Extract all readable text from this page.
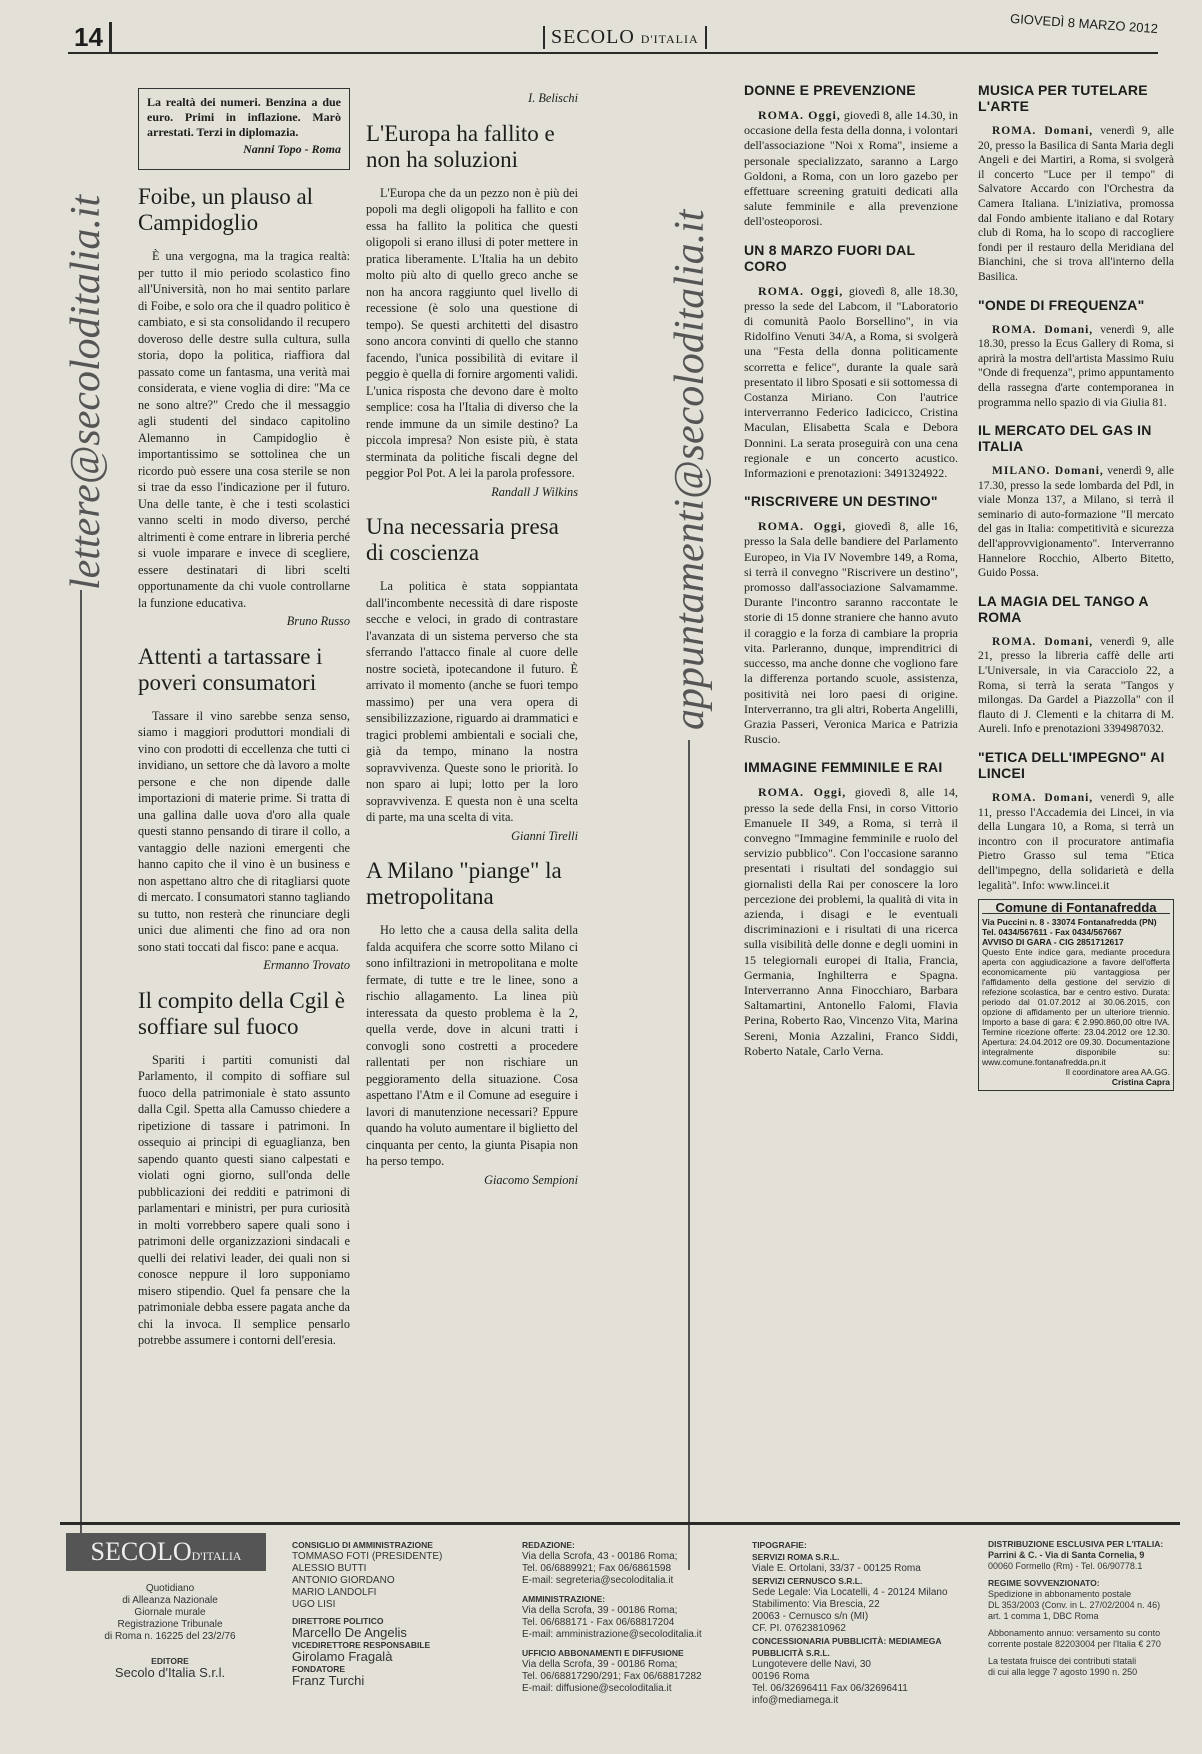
14	SECOLO D'ITALIA
GIOVEDÌ 8 MARZO 2012
lettere@secoloditalia.it	appuntamenti@secoloditalia.it
La realtà dei numeri. Benzina a due euro. Primi in inflazione. Marò arrestati. Terzi in diplomazia.
Nanni Topo - Roma
Foibe, un plauso al Campidoglio

È una vergogna, ma la tragica realtà: per tutto il mio periodo scolastico fino all'Università, non ho mai sentito parlare di Foibe, e solo ora che il quadro politico è cambiato, e si sta consolidando il recupero doveroso delle destre sulla cultura, sulla storia, dopo la politica, riaffiora dal passato come un fantasma, una verità mai considerata, e viene voglia di dire: "Ma ce ne sono altre?" Credo che il messaggio agli studenti del sindaco capitolino Alemanno in Campidoglio è importantissimo se sottolinea che un ricordo può essere una cosa sterile se non si trae da esso l'indicazione per il futuro. Una delle tante, è che i testi scolastici vanno scelti in modo diverso, perché altrimenti è come entrare in libreria perché si vuole imparare e invece di scegliere, essere destinatari di libri scelti opportunamente da chi vuole controllarne la funzione educativa.

Bruno Russo
Attenti a tartassare i poveri consumatori

Tassare il vino sarebbe senza senso, siamo i maggiori produttori mondiali di vino con prodotti di eccellenza che tutti ci invidiano, un settore che dà lavoro a molte persone e che non dipende dalle importazioni di materie prime. Si tratta di una gallina dalle uova d'oro alla quale questi stanno pensando di tirare il collo, a vantaggio delle nazioni emergenti che hanno capito che il vino è un business e non aspettano altro che di ritagliarsi quote di mercato. I consumatori stanno tagliando su tutto, non resterà che rinunciare degli unici due alimenti che fino ad ora non sono stati toccati dal fisco: pane e acqua.

Ermanno Trovato
Il compito della Cgil è soffiare sul fuoco

Spariti i partiti comunisti dal Parlamento, il compito di soffiare sul fuoco della patrimoniale è stato assunto dalla Cgil. Spetta alla Camusso chiedere a ripetizione di tassare i patrimoni. In ossequio ai principi di eguaglianza, ben sapendo quanto questi siano calpestati e violati ogni giorno, sull'onda delle pubblicazioni dei redditi e patrimoni di parlamentari e ministri, per pura curiosità in molti vorrebbero sapere quali sono i patrimoni delle organizzazioni sindacali e quelli dei relativi leader, dei quali non si conosce neppure il loro supponiamo misero stipendio. Quel fa pensare che la patrimoniale debba essere pagata anche da chi la invoca. Il semplice pensarlo potrebbe assumere i contorni dell'eresia.

I. Belischi
L'Europa ha fallito e non ha soluzioni

L'Europa che da un pezzo non è più dei popoli ma degli oligopoli ha fallito e con essa ha fallito la politica che questi oligopoli si erano illusi di poter mettere in pratica liberamente. L'Italia ha un debito molto più alto di quello greco anche se non ha ancora raggiunto quel livello di recessione (è solo una questione di tempo). Se questi architetti del disastro sono ancora convinti di quello che stanno facendo, l'unica possibilità di evitare il peggio è quella di fornire argomenti validi. L'unica risposta che devono dare è molto semplice: cosa ha l'Italia di diverso che la rende immune da un simile destino? La piccola impresa? Non esiste più, è stata sterminata da politiche fiscali degne del peggior Pol Pot. A lei la parola professore.

Randall J Wilkins
Una necessaria presa di coscienza

La politica è stata soppiantata dall'incombente necessità di dare risposte secche e veloci, in grado di contrastare l'avanzata di un sistema perverso che sta sferrando l'attacco finale al cuore delle nostre società, ipotecandone il futuro. È arrivato il momento (anche se fuori tempo massimo) per una vera opera di sensibilizzazione, riguardo ai drammatici e tragici problemi ambientali e sociali che, già da tempo, minano la nostra sopravvivenza. Queste sono le priorità. Io non sparo ai lupi; lotto per la loro sopravvivenza. E questa non è una scelta di parte, ma una scelta di vita.

Gianni Tirelli
A Milano "piange" la metropolitana

Ho letto che a causa della salita della falda acquifera che scorre sotto Milano ci sono infiltrazioni in metropolitana e molte fermate, di tutte e tre le linee, sono a rischio allagamento. La linea più interessata da questo problema è la 2, quella verde, dove in alcuni tratti i convogli sono costretti a procedere rallentati per non rischiare un peggioramento della situazione. Cosa aspettano l'Atm e il Comune ad eseguire i lavori di manutenzione necessari? Eppure quando ha voluto aumentare il biglietto del cinquanta per cento, la giunta Pisapia non ha perso tempo.

Giacomo Sempioni
DONNE E PREVENZIONE

ROMA. Oggi, giovedì 8, alle 14.30, in occasione della festa della donna, i volontari dell'associazione "Noi x Roma", insieme a personale specializzato, saranno a Largo Goldoni, a Roma, con un loro gazebo per effettuare screening gratuiti dedicati alla salute femminile e alla prevenzione dell'osteoporosi.

UN 8 MARZO FUORI DAL CORO

ROMA. Oggi, giovedì 8, alle 18.30, presso la sede del Labcom, il "Laboratorio di comunità Paolo Borsellino", in via Ridolfino Venuti 34/A, a Roma, si svolgerà una "Festa della donna politicamente scorretta e felice", durante la quale sarà presentato il libro Sposati e sii sottomessa di Costanza Miriano. Con l'autrice interverranno Federico Iadicicco, Cristina Maculan, Elisabetta Scala e Debora Donnini. La serata proseguirà con una cena regionale e un concerto acustico. Informazioni e prenotazioni: 3491324922.

"RISCRIVERE UN DESTINO"

ROMA. Oggi, giovedì 8, alle 16, presso la Sala delle bandiere del Parlamento Europeo, in Via IV Novembre 149, a Roma, si terrà il convegno "Riscrivere un destino", promosso dall'associazione Salvamamme. Durante l'incontro saranno raccontate le storie di 15 donne straniere che hanno avuto il coraggio e la forza di cambiare la propria vita. Parleranno, dunque, imprenditrici di successo, ma anche donne che vogliono fare la differenza portando scuole, assistenza, positività nei loro paesi di origine. Interverranno, tra gli altri, Roberta Angelilli, Grazia Passeri, Veronica Marica e Patrizia Ruscio.

IMMAGINE FEMMINILE E RAI

ROMA. Oggi, giovedì 8, alle 14, presso la sede della Fnsi, in corso Vittorio Emanuele II 349, a Roma, si terrà il convegno "Immagine femminile e ruolo del servizio pubblico". Con l'occasione saranno presentati i risultati del sondaggio sui giornalisti della Rai per conoscere la loro percezione dei problemi, la qualità di vita in azienda, i disagi e le eventuali discriminazioni e i risultati di una ricerca sulla visibilità delle donne e degli uomini in 15 telegiornali europei di Italia, Francia, Germania, Inghilterra e Spagna. Interverranno Anna Finocchiaro, Barbara Saltamartini, Antonello Falomi, Flavia Perina, Roberto Rao, Vincenzo Vita, Marina Sereni, Monia Azzalini, Franco Siddi, Roberto Natale, Carlo Verna.

MUSICA PER TUTELARE L'ARTE

ROMA. Domani, venerdì 9, alle 20, presso la Basilica di Santa Maria degli Angeli e dei Martiri, a Roma, si svolgerà il concerto "Luce per il tempo" di Salvatore Accardo con l'Orchestra da Camera Italiana. L'iniziativa, promossa dal Fondo ambiente italiano e dal Rotary club di Roma, ha lo scopo di raccogliere fondi per il restauro della Meridiana del Bianchini, che si trova all'interno della Basilica.

"ONDE DI FREQUENZA"

ROMA. Domani, venerdì 9, alle 18.30, presso la Ecus Gallery di Roma, si aprirà la mostra dell'artista Massimo Ruiu "Onde di frequenza", primo appuntamento della rassegna d'arte contemporanea in programma nello spazio di via Giulia 81.

IL MERCATO DEL GAS IN ITALIA

MILANO. Domani, venerdì 9, alle 17.30, presso la sede lombarda del Pdl, in viale Monza 137, a Milano, si terrà il seminario di auto-formazione "Il mercato del gas in Italia: competitività e sicurezza dell'approvvigionamento". Interverranno Hannelore Rocchio, Alberto Bitetto, Guido Possa.

LA MAGIA DEL TANGO A ROMA

ROMA. Domani, venerdì 9, alle 21, presso la libreria caffè delle arti L'Universale, in via Caracciolo 22, a Roma, si terrà la serata "Tangos y milongas. Da Gardel a Piazzolla" con il flauto di J. Clementi e la chitarra di M. Aureli. Info e prenotazioni 3394987032.

"ETICA DELL'IMPEGNO" AI LINCEI

ROMA. Domani, venerdì 9, alle 11, presso l'Accademia dei Lincei, in via della Lungara 10, a Roma, si terrà un incontro con il procuratore antimafia Pietro Grasso sul tema "Etica dell'impegno, della solidarietà e della legalità". Info: www.lincei.it

Comune di Fontanafredda
Via Puccini n. 8 - 33074 Fontanafredda (PN)
Tel. 0434/567611 - Fax 0434/567667
AVVISO DI GARA - CIG 2851712617
Questo Ente indice gara, mediante procedura aperta con aggiudicazione a favore dell'offerta economicamente più vantaggiosa per l'affidamento della gestione del servizio di refezione scolastica, bar e centro estivo. Durata: periodo dal 01.07.2012 al 30.06.2015, con opzione di affidamento per un ulteriore triennio. Importo a base di gara: € 2.990.860,00 oltre IVA. Termine ricezione offerte: 23.04.2012 ore 12.30. Apertura: 24.04.2012 ore 09.30. Documentazione integralmente disponibile su: www.comune.fontanafredda.pn.it
Il coordinatore area AA.GG.
Cristina Capra
SECOLOD'ITALIA
Quotidiano
di Alleanza Nazionale
Giornale murale
Registrazione Tribunale
di Roma n. 16225 del 23/2/76
EDITORE
Secolo d'Italia S.r.l.
CONSIGLIO DI AMMINISTRAZIONE
TOMMASO FOTI (PRESIDENTE)
ALESSIO BUTTI
ANTONIO GIORDANO
MARIO LANDOLFI
UGO LISI
DIRETTORE POLITICO
Marcello De Angelis
VICEDIRETTORE RESPONSABILE
Girolamo Fragalà
FONDATORE
Franz Turchi
REDAZIONE:
Via della Scrofa, 43 - 00186 Roma;
Tel. 06/6889921; Fax 06/6861598
E-mail: segreteria@secoloditalia.it
AMMINISTRAZIONE:
Via della Scrofa, 39 - 00186 Roma;
Tel. 06/688171 - Fax 06/68817204
E-mail: amministrazione@secoloditalia.it
UFFICIO ABBONAMENTI E DIFFUSIONE
Via della Scrofa, 39 - 00186 Roma;
Tel. 06/68817290/291; Fax 06/68817282
E-mail: diffusione@secoloditalia.it
TIPOGRAFIE:
SERVIZI ROMA S.R.L.
Viale E. Ortolani, 33/37 - 00125 Roma
SERVIZI CERNUSCO S.R.L.
Sede Legale: Via Locatelli, 4 - 20124 Milano
Stabilimento: Via Brescia, 22
20063 - Cernusco s/n (MI)
CF. PI. 07623810962
CONCESSIONARIA PUBBLICITÀ: MEDIAMEGA PUBBLICITÀ S.R.L.
Lungotevere delle Navi, 30
00196 Roma
Tel. 06/32696411 Fax 06/32696411
info@mediamega.it
DISTRIBUZIONE ESCLUSIVA PER L'ITALIA:
Parrini & C. - Via di Santa Cornelia, 9
00060 Formello (Rm) - Tel. 06/90778.1
REGIME SOVVENZIONATO:
Spedizione in abbonamento postale
DL 353/2003 (Conv. in L. 27/02/2004 n. 46)
art. 1 comma 1, DBC Roma
Abbonamento annuo: versamento su conto
corrente postale 82203004 per l'Italia € 270
La testata fruisce dei contributi statali
di cui alla legge 7 agosto 1990 n. 250
